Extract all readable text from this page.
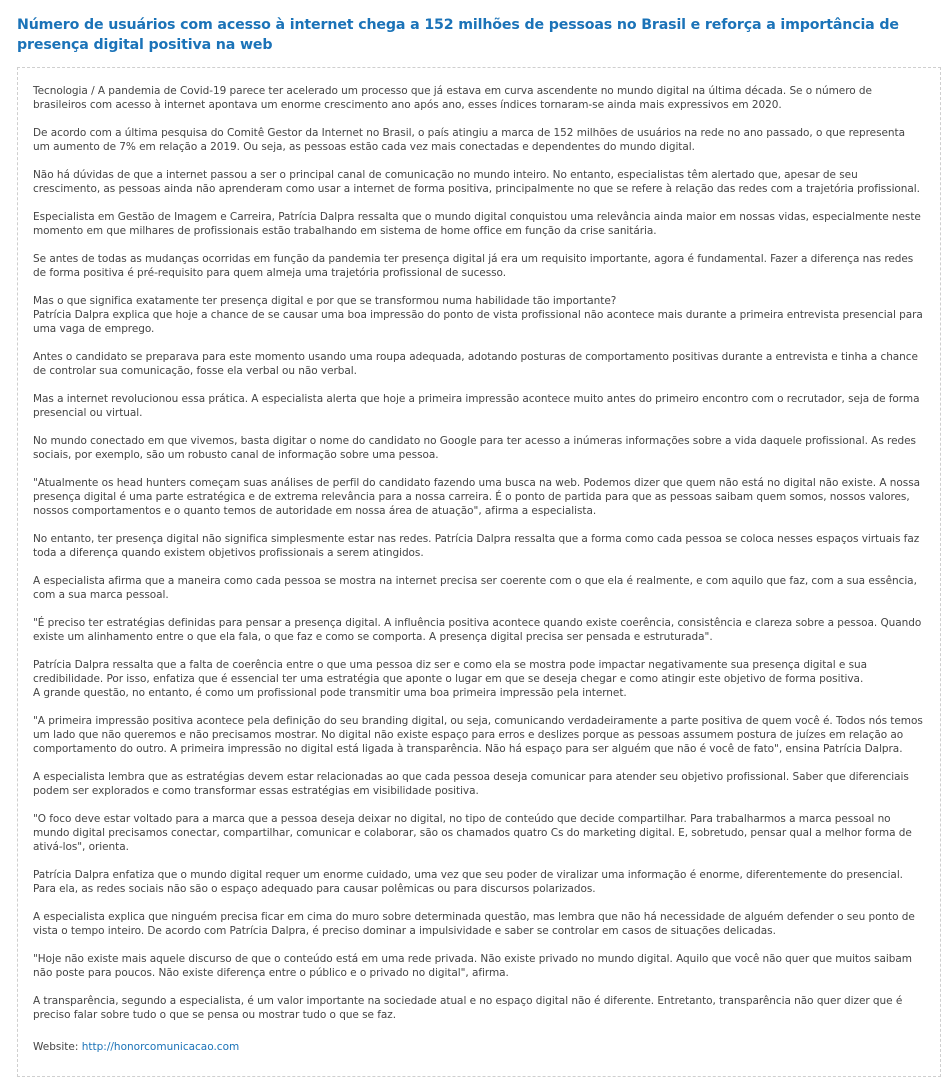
Número de usuários com acesso à internet chega a 152 milhões de pessoas no Brasil e reforça a importância de presença digital positiva na web

Tecnologia / A pandemia de Covid-19 parece ter acelerado um processo que já estava em curva ascendente no mundo digital na última década. Se o número de brasileiros com acesso à internet apontava um enorme crescimento ano após ano, esses índices tornaram-se ainda mais expressivos em 2020.

De acordo com a última pesquisa do Comitê Gestor da Internet no Brasil, o país atingiu a marca de 152 milhões de usuários na rede no ano passado, o que representa um aumento de 7% em relação a 2019. Ou seja, as pessoas estão cada vez mais conectadas e dependentes do mundo digital.

Não há dúvidas de que a internet passou a ser o principal canal de comunicação no mundo inteiro. No entanto, especialistas têm alertado que, apesar de seu crescimento, as pessoas ainda não aprenderam como usar a internet de forma positiva, principalmente no que se refere à relação das redes com a trajetória profissional.

Especialista em Gestão de Imagem e Carreira, Patrícia Dalpra ressalta que o mundo digital conquistou uma relevância ainda maior em nossas vidas, especialmente neste momento em que milhares de profissionais estão trabalhando em sistema de home office em função da crise sanitária.

Se antes de todas as mudanças ocorridas em função da pandemia ter presença digital já era um requisito importante, agora é fundamental. Fazer a diferença nas redes de forma positiva é pré-requisito para quem almeja uma trajetória profissional de sucesso.

Mas o que significa exatamente ter presença digital e por que se transformou numa habilidade tão importante?
Patrícia Dalpra explica que hoje a chance de se causar uma boa impressão do ponto de vista profissional não acontece mais durante a primeira entrevista presencial para uma vaga de emprego.

Antes o candidato se preparava para este momento usando uma roupa adequada, adotando posturas de comportamento positivas durante a entrevista e tinha a chance de controlar sua comunicação, fosse ela verbal ou não verbal.

Mas a internet revolucionou essa prática. A especialista alerta que hoje a primeira impressão acontece muito antes do primeiro encontro com o recrutador, seja de forma presencial ou virtual.

No mundo conectado em que vivemos, basta digitar o nome do candidato no Google para ter acesso a inúmeras informações sobre a vida daquele profissional. As redes sociais, por exemplo, são um robusto canal de informação sobre uma pessoa.

"Atualmente os head hunters começam suas análises de perfil do candidato fazendo uma busca na web. Podemos dizer que quem não está no digital não existe. A nossa presença digital é uma parte estratégica e de extrema relevância para a nossa carreira. É o ponto de partida para que as pessoas saibam quem somos, nossos valores, nossos comportamentos e o quanto temos de autoridade em nossa área de atuação", afirma a especialista.

No entanto, ter presença digital não significa simplesmente estar nas redes. Patrícia Dalpra ressalta que a forma como cada pessoa se coloca nesses espaços virtuais faz toda a diferença quando existem objetivos profissionais a serem atingidos.

A especialista afirma que a maneira como cada pessoa se mostra na internet precisa ser coerente com o que ela é realmente, e com aquilo que faz, com a sua essência, com a sua marca pessoal.

"É preciso ter estratégias definidas para pensar a presença digital. A influência positiva acontece quando existe coerência, consistência e clareza sobre a pessoa. Quando existe um alinhamento entre o que ela fala, o que faz e como se comporta. A presença digital precisa ser pensada e estruturada".

Patrícia Dalpra ressalta que a falta de coerência entre o que uma pessoa diz ser e como ela se mostra pode impactar negativamente sua presença digital e sua credibilidade. Por isso, enfatiza que é essencial ter uma estratégia que aponte o lugar em que se deseja chegar e como atingir este objetivo de forma positiva.
A grande questão, no entanto, é como um profissional pode transmitir uma boa primeira impressão pela internet.

"A primeira impressão positiva acontece pela definição do seu branding digital, ou seja, comunicando verdadeiramente a parte positiva de quem você é. Todos nós temos um lado que não queremos e não precisamos mostrar. No digital não existe espaço para erros e deslizes porque as pessoas assumem postura de juízes em relação ao comportamento do outro. A primeira impressão no digital está ligada à transparência. Não há espaço para ser alguém que não é você de fato", ensina Patrícia Dalpra.

A especialista lembra que as estratégias devem estar relacionadas ao que cada pessoa deseja comunicar para atender seu objetivo profissional. Saber que diferenciais podem ser explorados e como transformar essas estratégias em visibilidade positiva.

"O foco deve estar voltado para a marca que a pessoa deseja deixar no digital, no tipo de conteúdo que decide compartilhar. Para trabalharmos a marca pessoal no mundo digital precisamos conectar, compartilhar, comunicar e colaborar, são os chamados quatro Cs do marketing digital. E, sobretudo, pensar qual a melhor forma de ativá-los", orienta.

Patrícia Dalpra enfatiza que o mundo digital requer um enorme cuidado, uma vez que seu poder de viralizar uma informação é enorme, diferentemente do presencial. Para ela, as redes sociais não são o espaço adequado para causar polêmicas ou para discursos polarizados.

A especialista explica que ninguém precisa ficar em cima do muro sobre determinada questão, mas lembra que não há necessidade de alguém defender o seu ponto de vista o tempo inteiro. De acordo com Patrícia Dalpra, é preciso dominar a impulsividade e saber se controlar em casos de situações delicadas.

"Hoje não existe mais aquele discurso de que o conteúdo está em uma rede privada. Não existe privado no mundo digital. Aquilo que você não quer que muitos saibam não poste para poucos. Não existe diferença entre o público e o privado no digital", afirma.

A transparência, segundo a especialista, é um valor importante na sociedade atual e no espaço digital não é diferente. Entretanto, transparência não quer dizer que é preciso falar sobre tudo o que se pensa ou mostrar tudo o que se faz.

Website: http://honorcomunicacao.com
